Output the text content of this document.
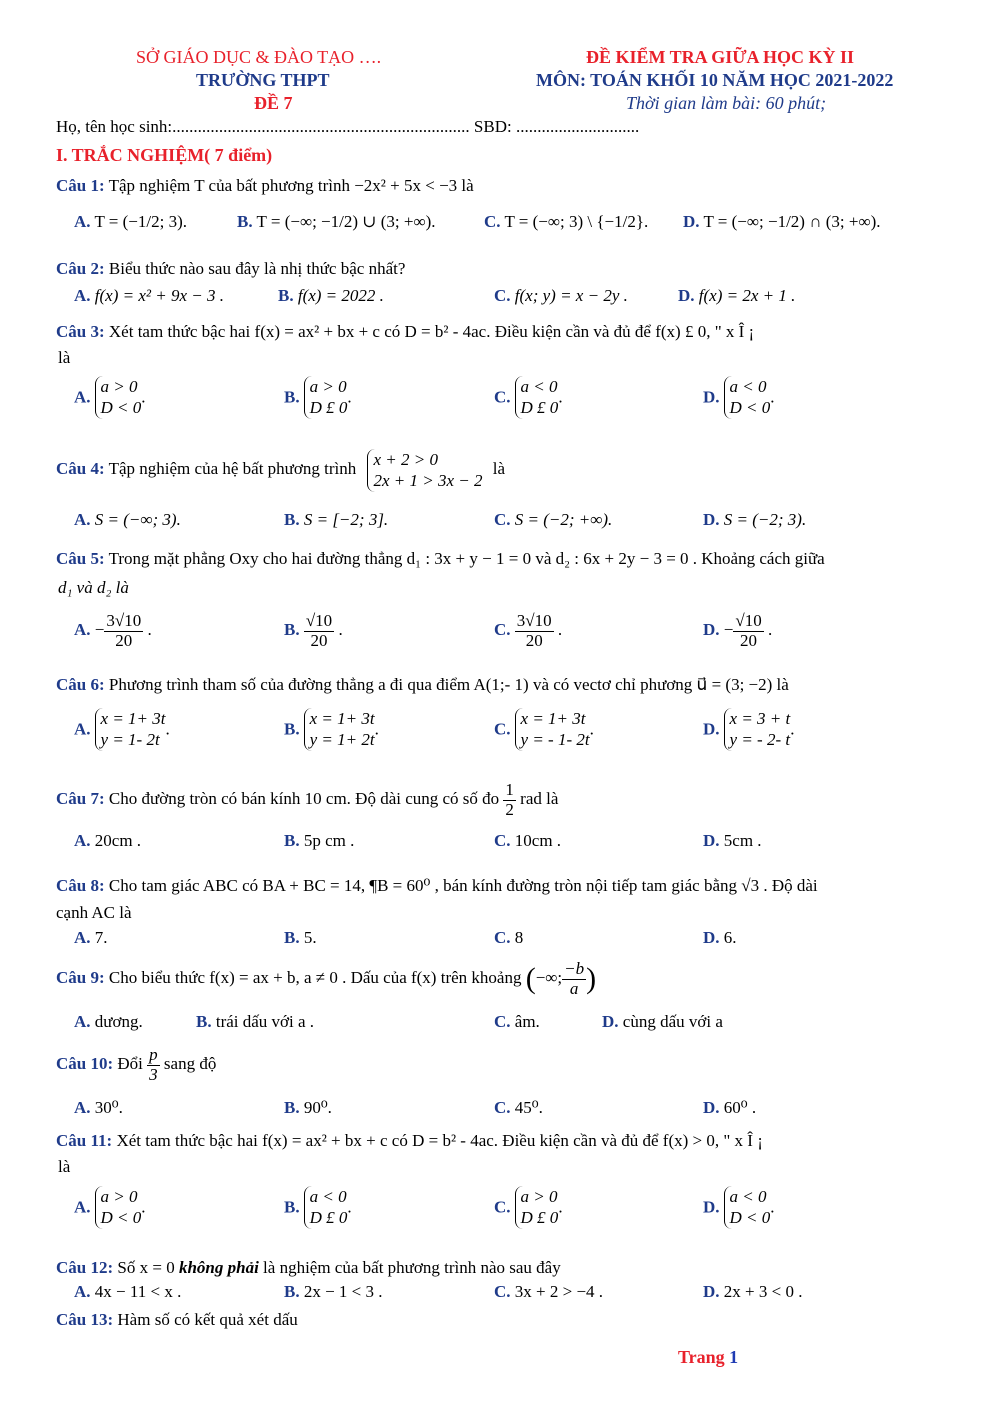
SỞ GIÁO DỤC & ĐÀO TẠO ….
TRƯỜNG THPT
ĐỀ 7
ĐỀ KIỂM TRA GIỮA HỌC KỲ II
MÔN: TOÁN KHỐI 10 NĂM HỌC 2021-2022
Thời gian làm bài: 60 phút;
Họ, tên học sinh:...................................................................... SBD: .............................
I. TRẮC NGHIỆM( 7 điểm)
Câu 1: Tập nghiệm T của bất phương trình −2x² + 5x < −3 là
A. T = (−1/2; 3).	B. T = (−∞; −1/2) ∪ (3; +∞).	C. T = (−∞; 3) \ {−1/2}. D. T = (−∞; −1/2) ∩ (3; +∞).
Câu 2: Biểu thức nào sau đây là nhị thức bậc nhất?
A. f(x) = x² + 9x − 3 .	B. f(x) = 2022 .	C. f(x; y) = x − 2y .	D. f(x) = 2x + 1 .
Câu 3: Xét tam thức bậc hai f(x) = ax² + bx + c có D = b² - 4ac. Điều kiện cần và đủ để f(x) £ 0, " x Î ¡
là
A.
a > 0
D < 0
.	B.
a > 0
D £ 0
.	C.
a < 0
D £ 0
.	D.
a < 0
D < 0
.
Câu 4: Tập nghiệm của hệ bất phương trình x + 2 > 0
2x + 1 > 3x − 2
là
A. S = (−∞; 3).	B. S = [−2; 3].	C. S = (−2; +∞).	D. S = (−2; 3).
Câu 5: Trong mặt phẳng Oxy cho hai đường thẳng d₁ : 3x + y − 1 = 0 và d₂ : 6x + 2y − 3 = 0 . Khoảng cách giữa
d₁ và d₂ là
A. − $\frac{3√10}{20}$ .	B. $\frac{√10}{20}$ .	C. $\frac{3√10}{20}$ .	D. − $\frac{√10}{20}$ .
Câu 6: Phương trình tham số của đường thẳng a đi qua điểm A(1;- 1) và có vectơ chỉ phương u⃗ = (3; −2) là
A.
x = 1+ 3t
y = 1- 2t
.	B.
x = 1+ 3t
y = 1+ 2t
.	C.
x = 1+ 3t
y = - 1- 2t
.	D.
x = 3 + t
y = - 2- t
.
Câu 7: Cho đường tròn có bán kính 10 cm. Độ dài cung có số đo $\frac{1}{2}$ rad là
A. 20cm .	B. 5p cm .	C. 10cm .	D. 5cm .
Câu 8: Cho tam giác ABC có BA + BC = 14, ¶B = 60⁰ , bán kính đường tròn nội tiếp tam giác bằng √3 . Độ dài
cạnh AC là
A. 7.	B. 5.	C. 8	D. 6.
Câu 9: Cho biểu thức f(x) = ax + b, a ≠ 0 . Dấu của f(x) trên khoảng (−∞; $\frac{-b}{a}$ )
A. dương.	B. trái dấu với a .	C. âm.	D. cùng dấu với a
Câu 10: Đổi $\frac{p}{3}$ sang độ
A. 30⁰.	B. 90⁰.	C. 45⁰.	D. 60⁰ .
Câu 11: Xét tam thức bậc hai f(x) = ax² + bx + c có D = b² - 4ac. Điều kiện cần và đủ để f(x) > 0, " x Î ¡
là
A.
a > 0
D < 0
.	B.
a < 0
D £ 0
.	C.
a > 0
D £ 0
.	D.
a < 0
D < 0
.
Câu 12: Số x = 0 không phải là nghiệm của bất phương trình nào sau đây
A. 4x − 11 < x .	B. 2x − 1 < 3 .	C. 3x + 2 > −4 .	D. 2x + 3 < 0 .
Câu 13: Hàm số có kết quả xét dấu
Trang 1
